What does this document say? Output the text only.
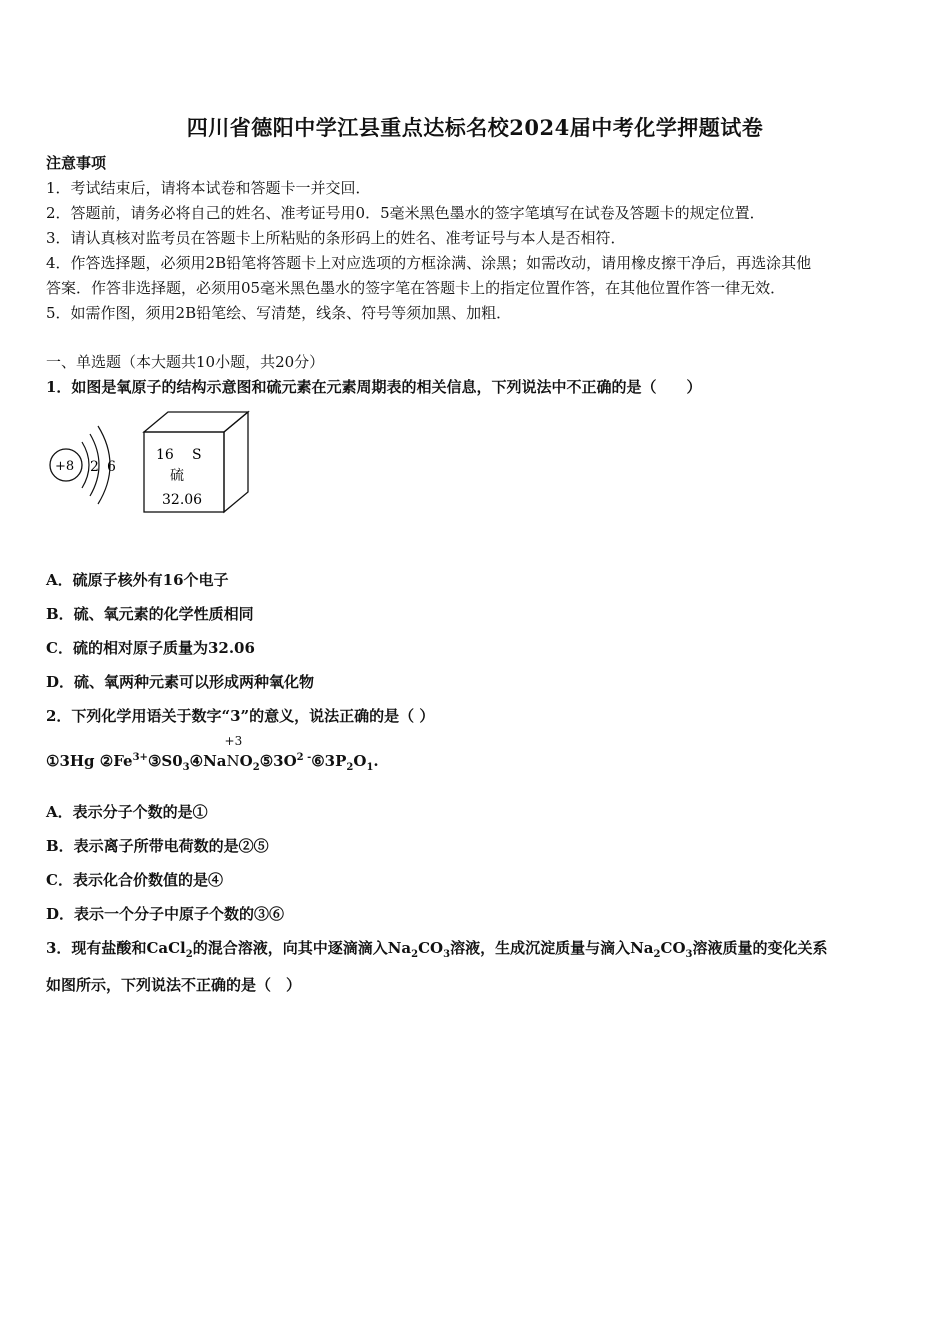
四川省德阳中学江县重点达标名校2024届中考化学押题试卷
注意事项
1．考试结束后，请将本试卷和答题卡一并交回．
2．答题前，请务必将自己的姓名、准考证号用0．5毫米黑色墨水的签字笔填写在试卷及答题卡的规定位置．
3．请认真核对监考员在答题卡上所粘贴的条形码上的姓名、准考证号与本人是否相符．
4．作答选择题，必须用2B铅笔将答题卡上对应选项的方框涂满、涂黑；如需改动，请用橡皮擦干净后，再选涂其他
答案．作答非选择题，必须用05毫米黑色墨水的签字笔在答题卡上的指定位置作答，在其他位置作答一律无效．
5．如需作图，须用2B铅笔绘、写清楚，线条、符号等须加黑、加粗．
一、单选题（本大题共10小题，共20分）
1．如图是氧原子的结构示意图和硫元素在元素周期表的相关信息，下列说法中不正确的是（　　）
+8 2 6
16 S
硫
32.06
A．硫原子核外有16个电子
B．硫、氧元素的化学性质相同
C．硫的相对原子质量为32.06
D．硫、氧两种元素可以形成两种氧化物
2．下列化学用语关于数字“3”的意义，说法正确的是（ ）
①3Hg $②Fe^{3+}③S0_3④Na$
+3
$NO_2⑤3O^{2 -}⑥3P_2O_1$.
A．表示分子个数的是①
B．表示离子所带电荷数的是②⑤
C．表示化合价数值的是④
D．表示一个分子中原子个数的③⑥
3．现有盐酸和CaCl$_2$的混合溶液，向其中逐滴滴入$Na_2CO_3$溶液，生成沉淀质量与滴入$Na_2CO_3$溶液质量的变化关系
如图所示，下列说法不正确的是（　）
